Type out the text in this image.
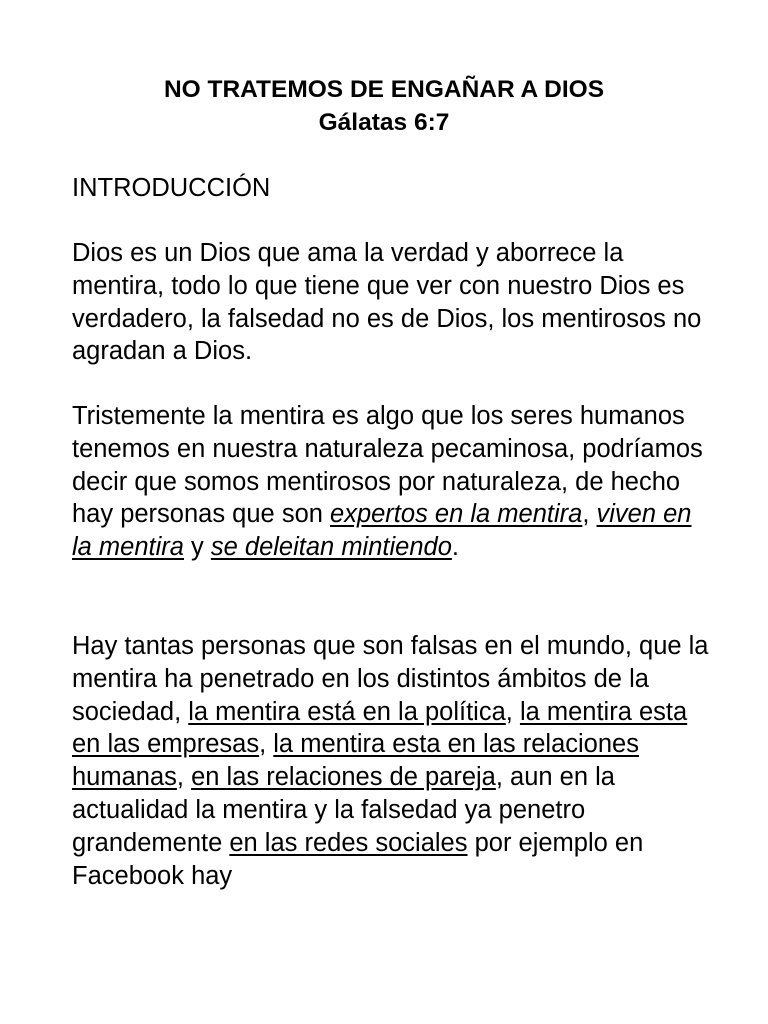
NO TRATEMOS DE ENGAÑAR A DIOS
Gálatas 6:7
INTRODUCCIÓN

Dios es un Dios que ama la verdad y aborrece la mentira, todo lo que tiene que ver con nuestro Dios es verdadero, la falsedad no es de Dios, los mentirosos no agradan a Dios.

Tristemente la mentira es algo que los seres humanos tenemos en nuestra naturaleza pecaminosa, podríamos decir que somos mentirosos por naturaleza, de hecho hay personas que son expertos en la mentira, viven en la mentira y se deleitan mintiendo.

Hay tantas personas que son falsas en el mundo, que la mentira ha penetrado en los distintos ámbitos de la sociedad, la mentira está en la política, la mentira esta en las empresas, la mentira esta en las relaciones humanas, en las relaciones de pareja, aun en la actualidad la mentira y la falsedad ya penetro grandemente en las redes sociales por ejemplo en Facebook hay
